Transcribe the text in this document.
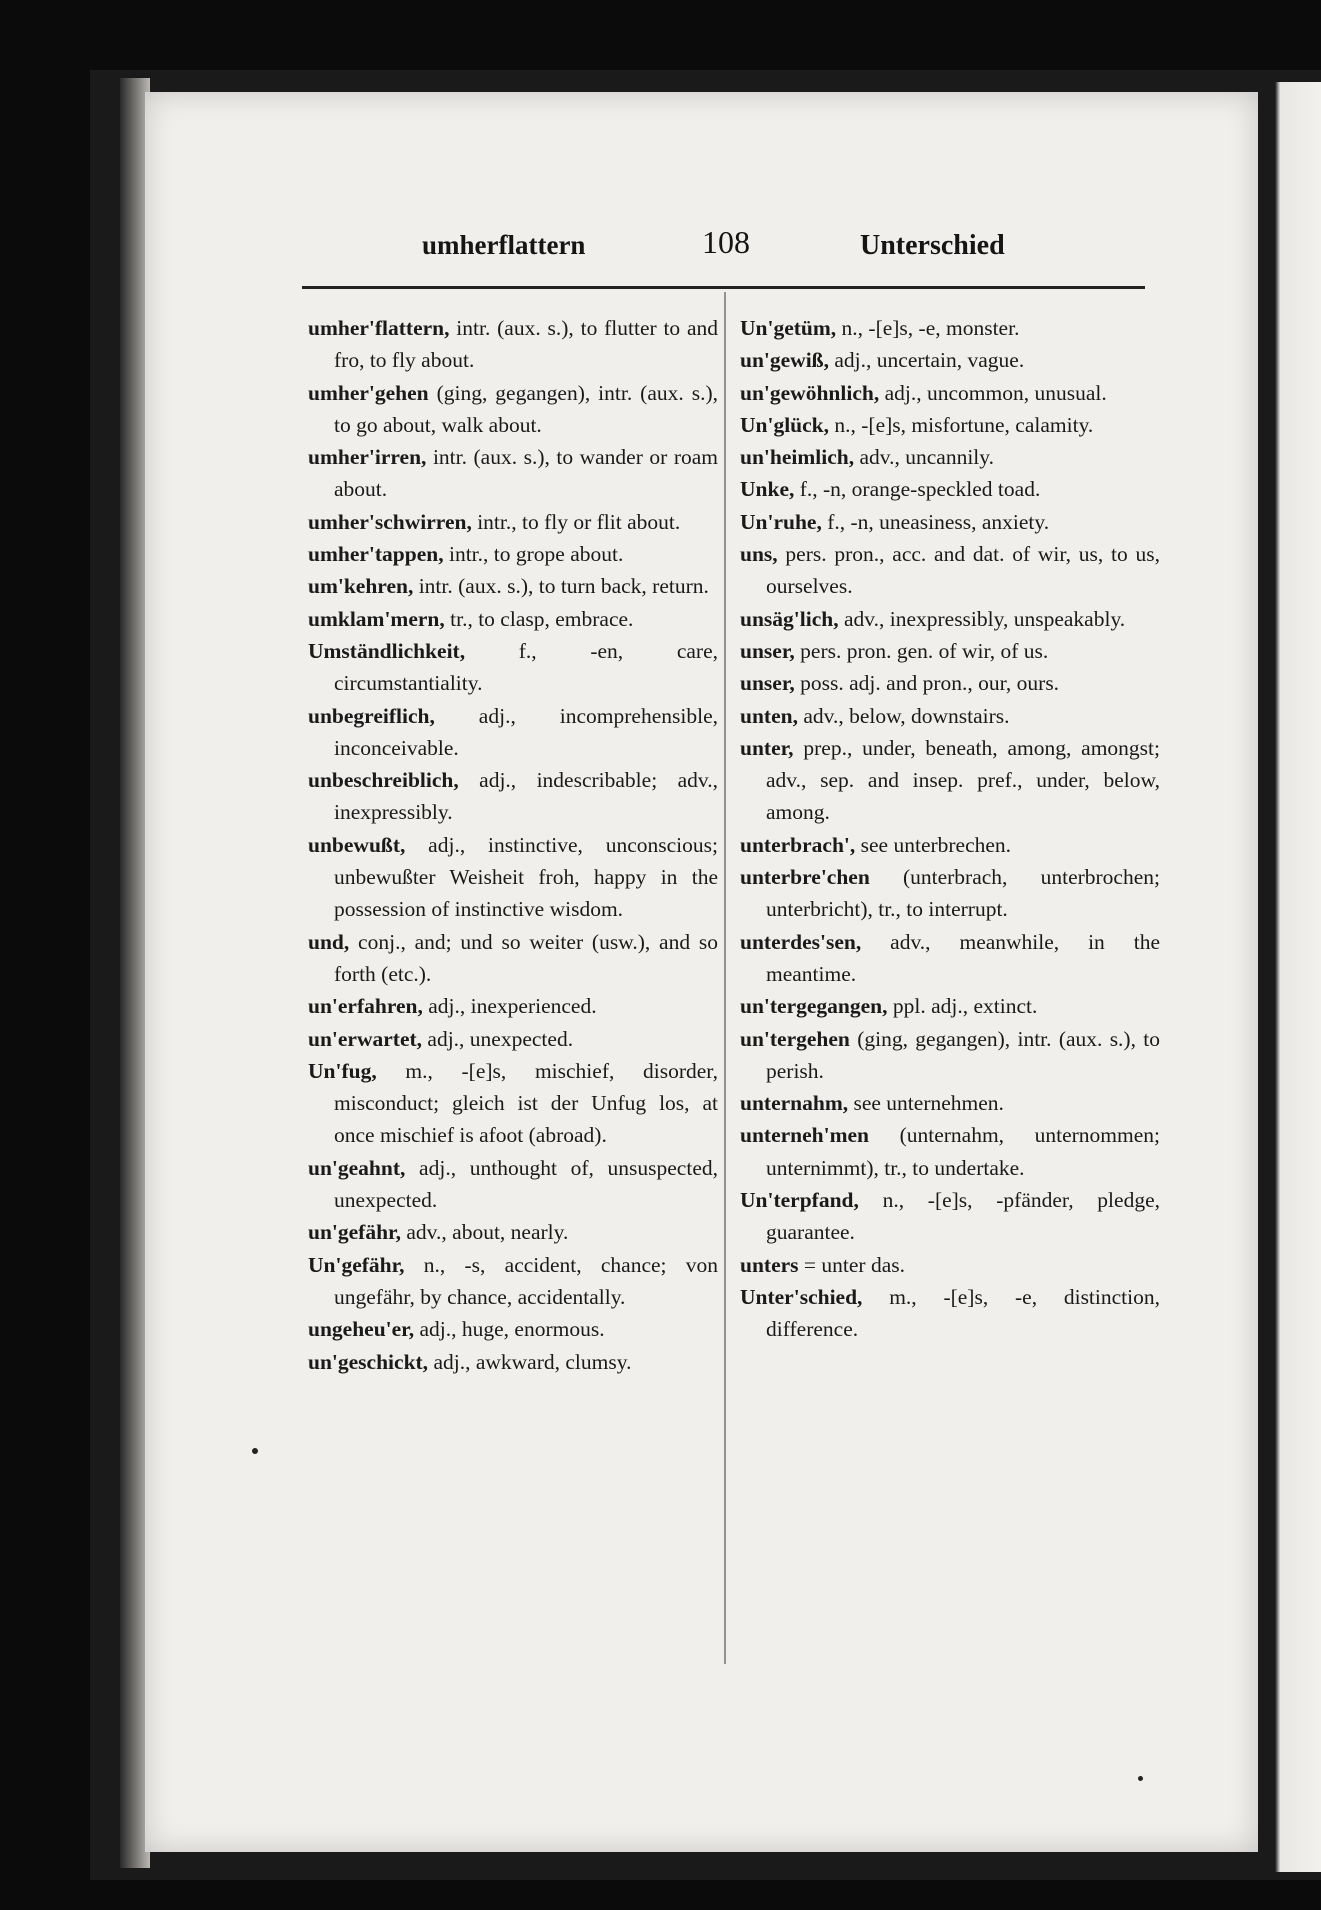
umherflattern	108	Unterschied
umher'flattern, intr. (aux. s.), to flutter to and fro, to fly about.
umher'gehen (ging, gegangen), intr. (aux. s.), to go about, walk about.
umher'irren, intr. (aux. s.), to wander or roam about.
umher'schwirren, intr., to fly or flit about.
umher'tappen, intr., to grope about.
um'kehren, intr. (aux. s.), to turn back, return.
umklam'mern, tr., to clasp, embrace.
Umständlichkeit, f., -en, care, circumstantiality.
unbegreiflich, adj., incomprehensible, inconceivable.
unbeschreiblich, adj., indescribable; adv., inexpressibly.
unbewußt, adj., instinctive, unconscious; unbewußter Weisheit froh, happy in the possession of instinctive wisdom.
und, conj., and; und so weiter (usw.), and so forth (etc.).
un'erfahren, adj., inexperienced.
un'erwartet, adj., unexpected.
Un'fug, m., -[e]s, mischief, disorder, misconduct; gleich ist der Unfug los, at once mischief is afoot (abroad).
un'geahnt, adj., unthought of, unsuspected, unexpected.
un'gefähr, adv., about, nearly.
Un'gefähr, n., -s, accident, chance; von ungefähr, by chance, accidentally.
ungeheu'er, adj., huge, enormous.
un'geschickt, adj., awkward, clumsy.
Un'getüm, n., -[e]s, -e, monster.
un'gewiß, adj., uncertain, vague.
un'gewöhnlich, adj., uncommon, unusual.
Un'glück, n., -[e]s, misfortune, calamity.
un'heimlich, adv., uncannily.
Unke, f., -n, orange-speckled toad.
Un'ruhe, f., -n, uneasiness, anxiety.
uns, pers. pron., acc. and dat. of wir, us, to us, ourselves.
unsäg'lich, adv., inexpressibly, unspeakably.
unser, pers. pron. gen. of wir, of us.
unser, poss. adj. and pron., our, ours.
unten, adv., below, downstairs.
unter, prep., under, beneath, among, amongst; adv., sep. and insep. pref., under, below, among.
unterbrach', see unterbrechen.
unterbre'chen (unterbrach, unterbrochen; unterbricht), tr., to interrupt.
unterdes'sen, adv., meanwhile, in the meantime.
un'tergegangen, ppl. adj., extinct.
un'tergehen (ging, gegangen), intr. (aux. s.), to perish.
unternahm, see unternehmen.
unterneh'men (unternahm, unternommen; unternimmt), tr., to undertake.
Un'terpfand, n., -[e]s, -pfänder, pledge, guarantee.
unters = unter das.
Unter'schied, m., -[e]s, -e, distinction, difference.
